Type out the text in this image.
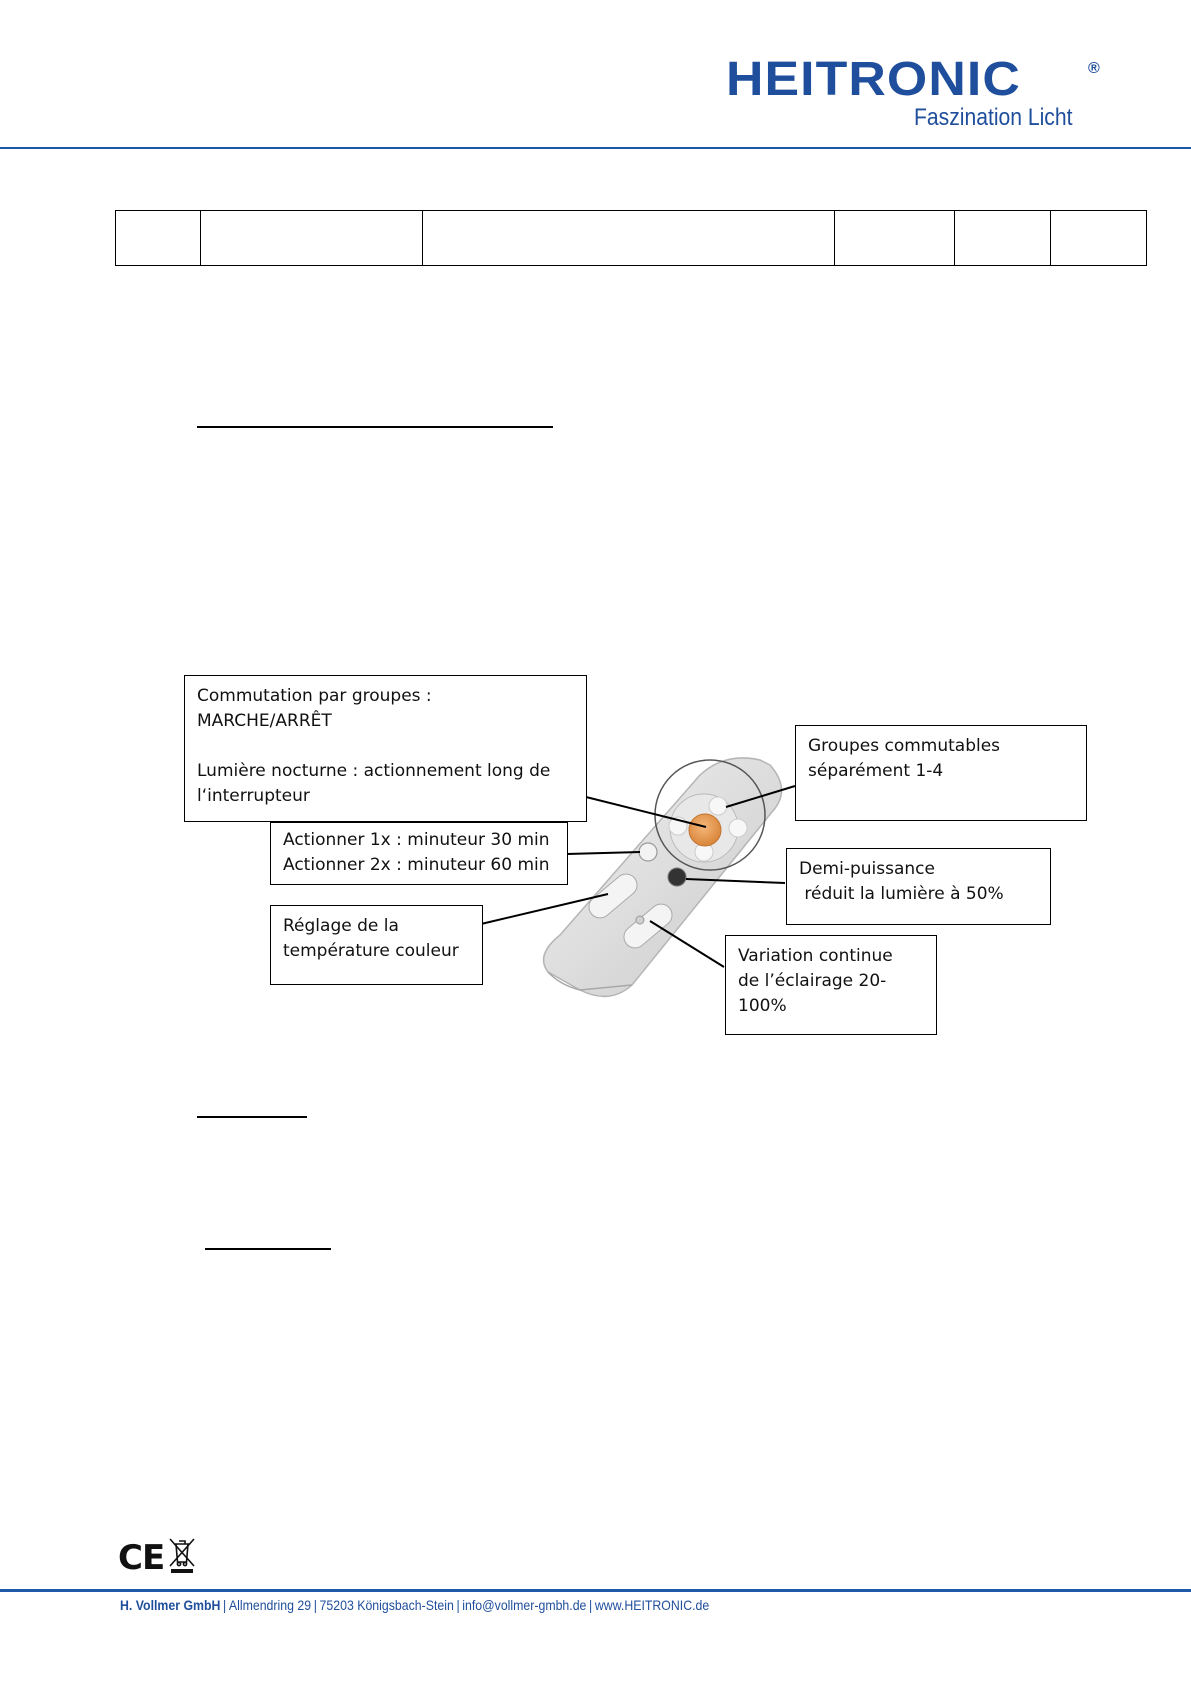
HEITRONIC	®
Faszination Licht

Commutation par groupes :

MARCHE/ARRÊT

Lumière nocturne : actionnement long de

l‘interrupteur

Groupes commutables

séparément 1-4

Actionner 1x : minuteur 30 min

Actionner 2x : minuteur 60 min	Demi-puissance

réduit la lumière à 50%

Réglage de la

température couleur	Variation continue

de l’éclairage 20-

100%

CE
H. Vollmer GmbH | Allmendring 29 | 75203 Königsbach-Stein | info@vollmer-gmbh.de | www.HEITRONIC.de
